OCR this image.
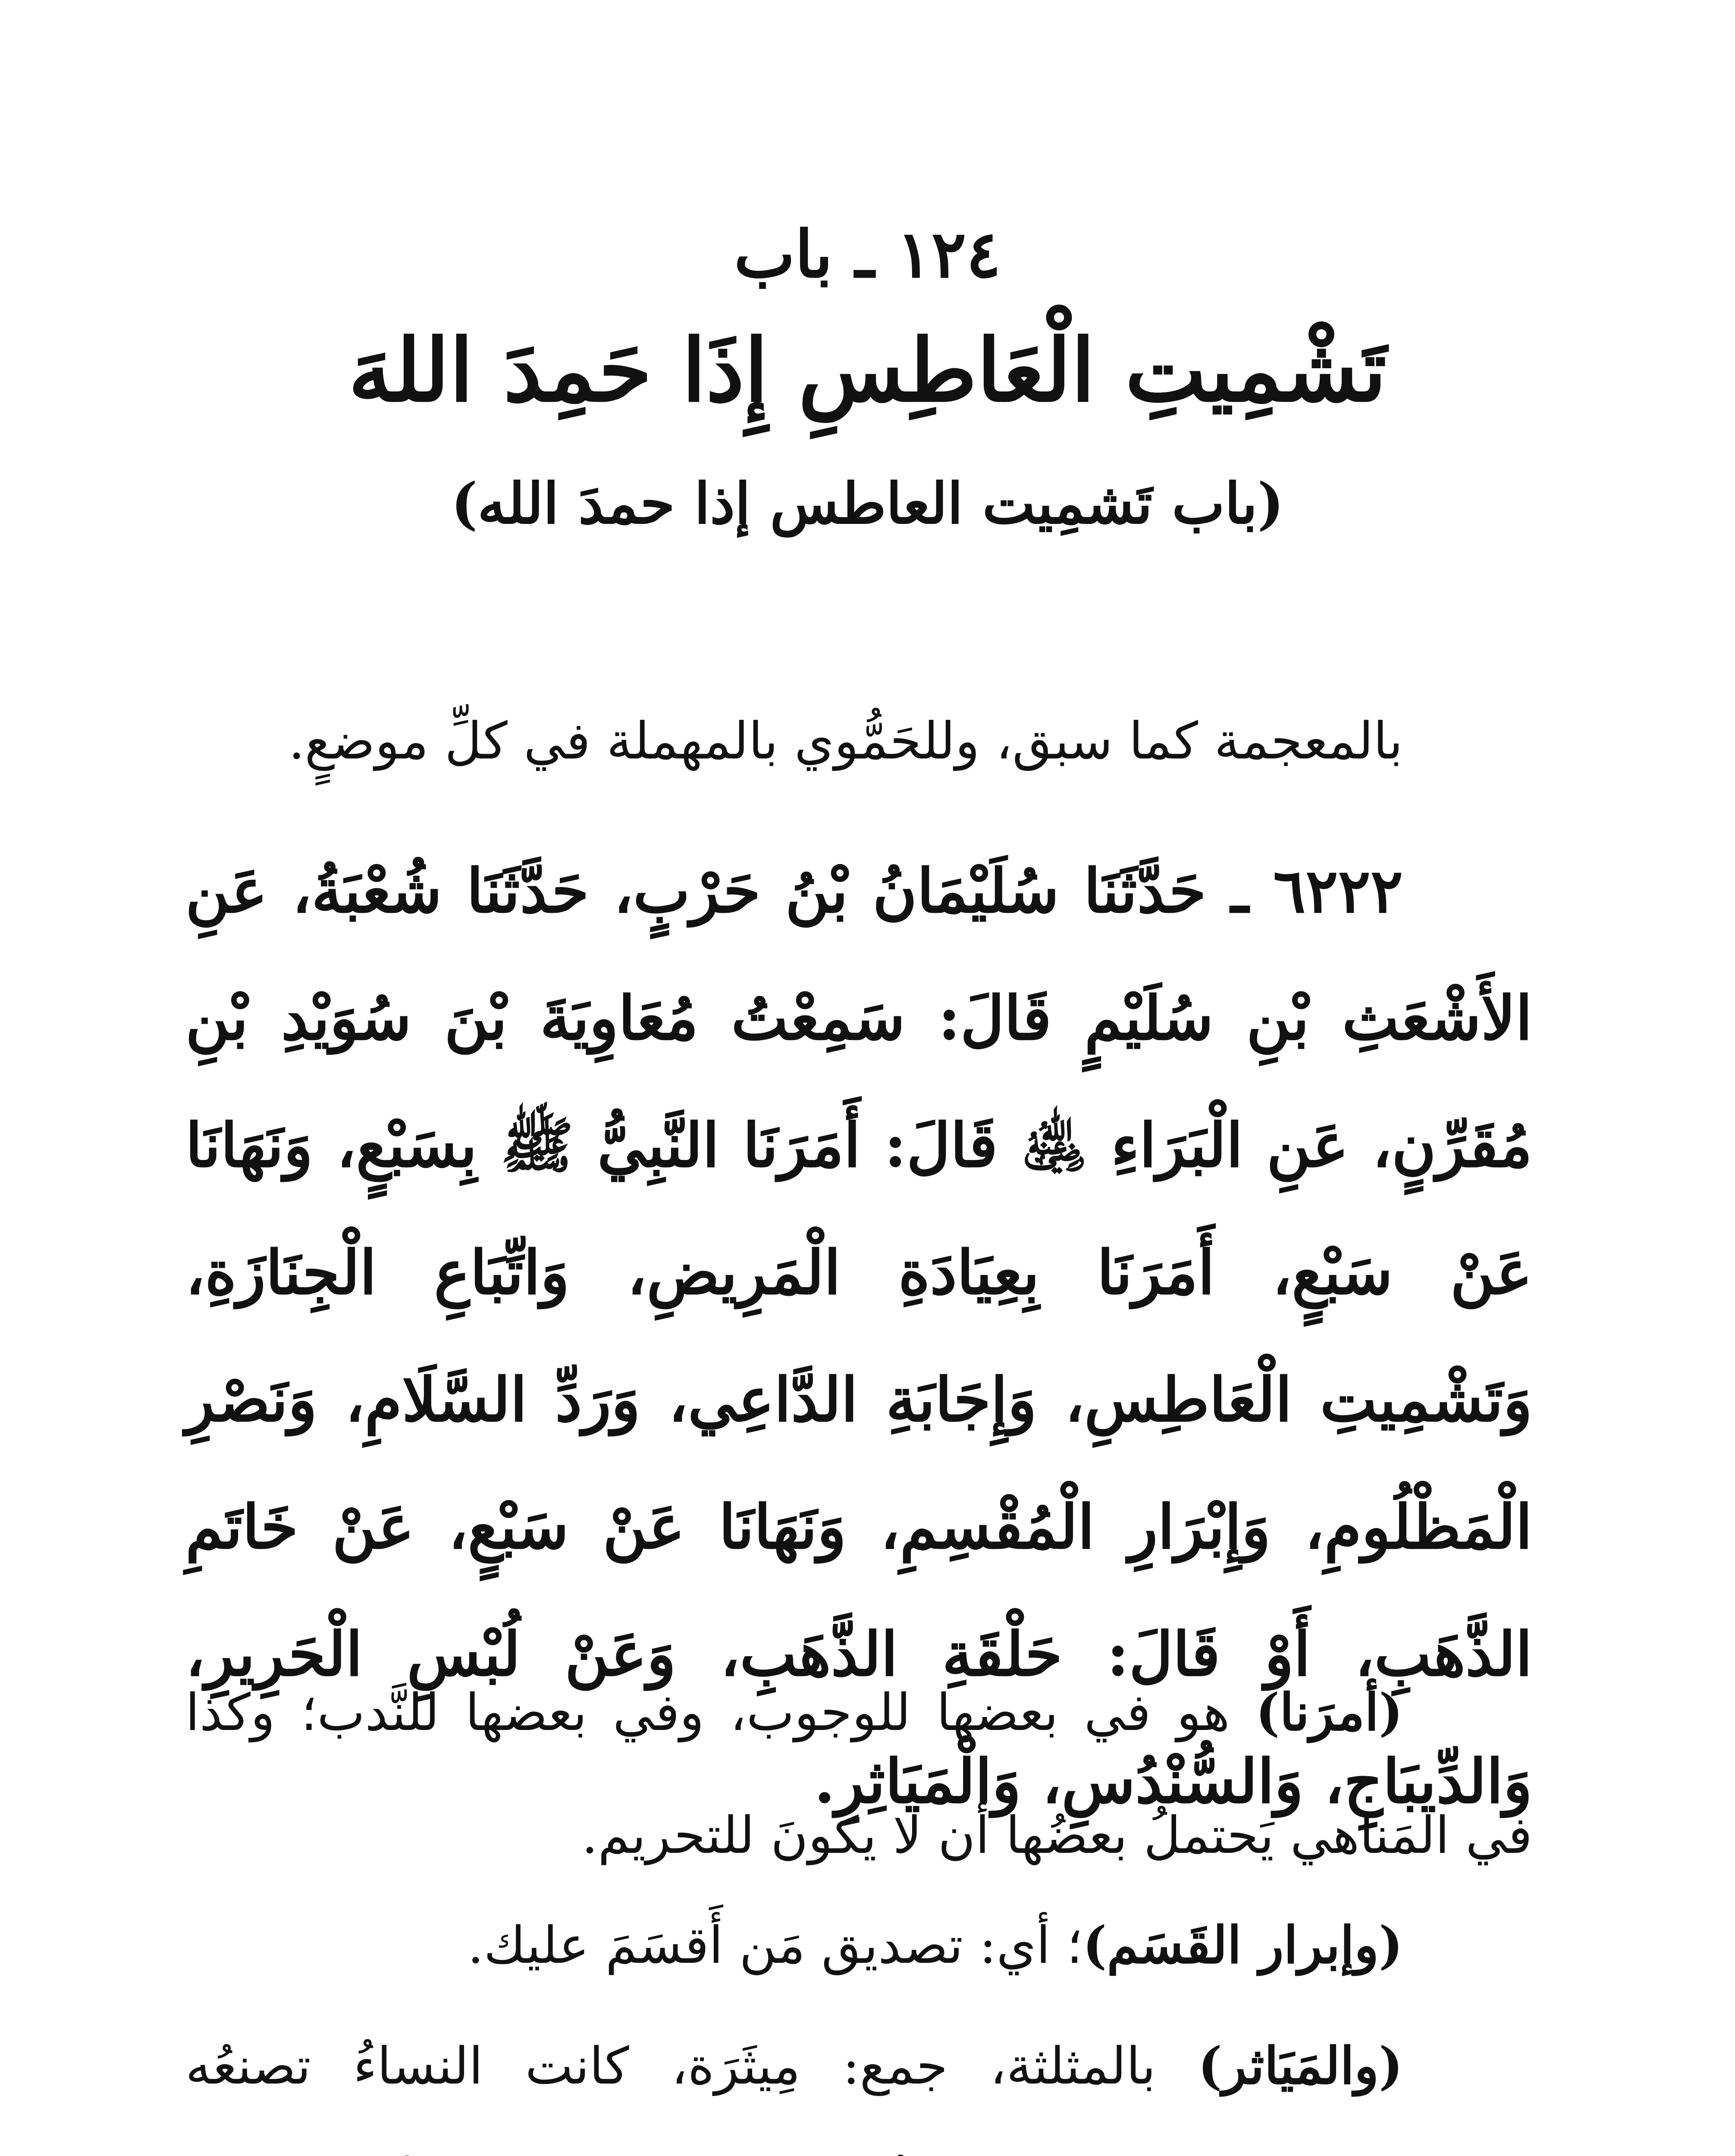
١٢٤ ـ باب
تَشْمِيتِ الْعَاطِسِ إِذَا حَمِدَ اللهَ
(باب تَشمِيت العاطس إذا حمدَ الله)

بالمعجمة كما سبق، وللحَمُّوي بالمهملة في كلِّ موضعٍ.

٦٢٢٢ ـ حَدَّثَنَا سُلَيْمَانُ بْنُ حَرْبٍ، حَدَّثَنَا شُعْبَةُ، عَنِ الأَشْعَثِ بْنِ سُلَيْمٍ قَالَ: سَمِعْتُ مُعَاوِيَةَ بْنَ سُوَيْدِ بْنِ مُقَرِّنٍ، عَنِ الْبَرَاءِ ﵁ قَالَ: أَمَرَنَا النَّبِيُّ ﷺ بِسَبْعٍ، وَنَهَانَا عَنْ سَبْعٍ، أَمَرَنَا بِعِيَادَةِ الْمَرِيضِ، وَاتِّبَاعِ الْجِنَازَةِ، وَتَشْمِيتِ الْعَاطِسِ، وَإِجَابَةِ الدَّاعِي، وَرَدِّ السَّلَامِ، وَنَصْرِ الْمَظْلُومِ، وَإِبْرَارِ الْمُقْسِمِ، وَنَهَانَا عَنْ سَبْعٍ، عَنْ خَاتَمِ الذَّهَبِ، أَوْ قَالَ: حَلْقَةِ الذَّهَبِ، وَعَنْ لُبْسِ الْحَرِيرِ، وَالدِّيبَاجِ، وَالسُّنْدُسِ، وَالْمَيَاثِرِ.

(أمرَنا) هو في بعضها للوجوب، وفي بعضها للنَّدب؛ وكذا في المَناهي يَحتملُ بعضُها أن لا يكونَ للتحريم.

(وإبرار القَسَم)؛ أي: تصديق مَن أَقسَمَ عليك.

(والمَيَاثر) بالمثلثة، جمع: مِيثَرَة، كانت النساءُ تصنعُه
